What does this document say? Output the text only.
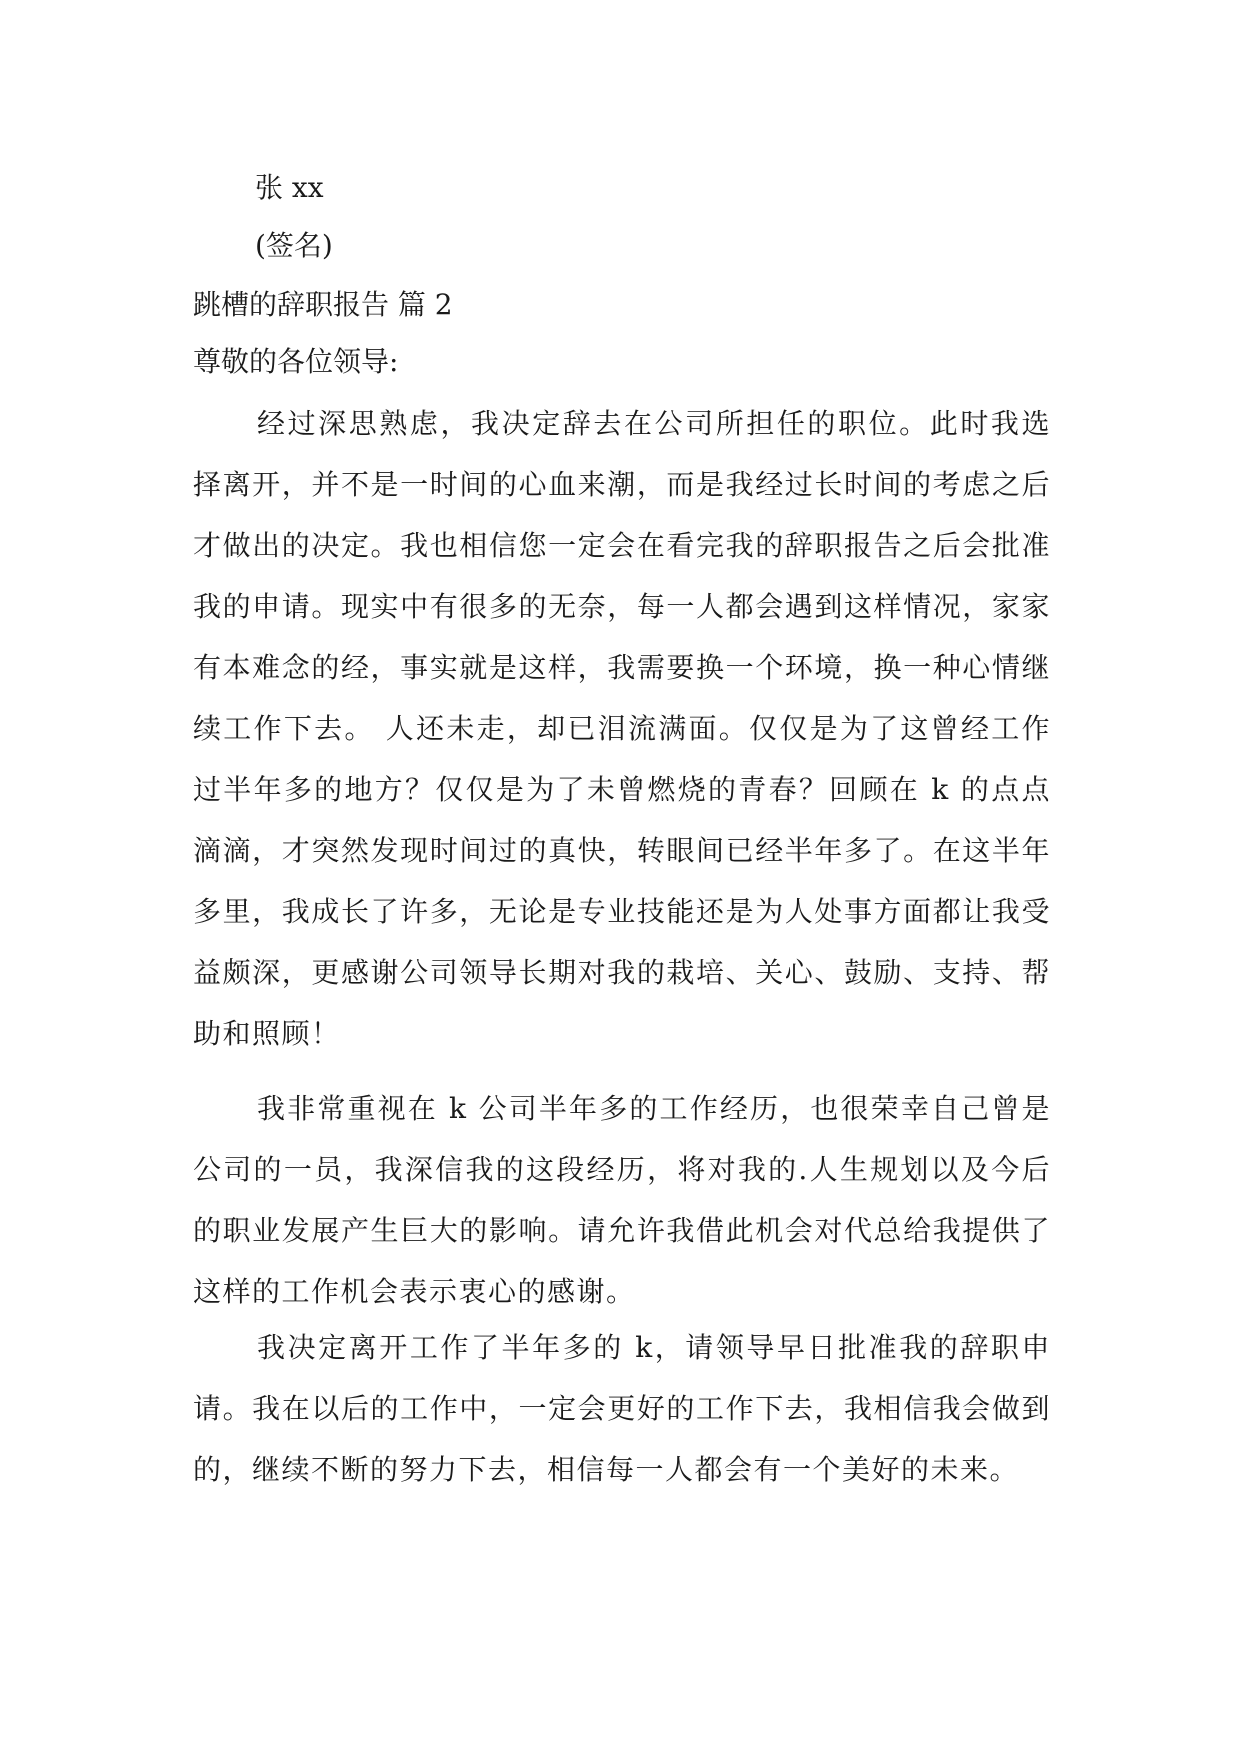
张 xx

(签名)

跳槽的辞职报告 篇 2

尊敬的各位领导:

经过深思熟虑，我决定辞去在公司所担任的职位。此时我选择离开，并不是一时间的心血来潮，而是我经过长时间的考虑之后才做出的决定。我也相信您一定会在看完我的辞职报告之后会批准我的申请。现实中有很多的无奈，每一人都会遇到这样情况，家家有本难念的经，事实就是这样，我需要换一个环境，换一种心情继续工作下去。 人还未走，却已泪流满面。仅仅是为了这曾经工作过半年多的地方？仅仅是为了未曾燃烧的青春？回顾在 k 的点点滴滴，才突然发现时间过的真快，转眼间已经半年多了。在这半年多里，我成长了许多，无论是专业技能还是为人处事方面都让我受益颇深，更感谢公司领导长期对我的栽培、关心、鼓励、支持、帮助和照顾！

我非常重视在 k 公司半年多的工作经历，也很荣幸自己曾是公司的一员，我深信我的这段经历，将对我的.人生规划以及今后的职业发展产生巨大的影响。请允许我借此机会对代总给我提供了这样的工作机会表示衷心的感谢。

我决定离开工作了半年多的 k，请领导早日批准我的辞职申请。我在以后的工作中，一定会更好的工作下去，我相信我会做到的，继续不断的努力下去，相信每一人都会有一个美好的未来。
